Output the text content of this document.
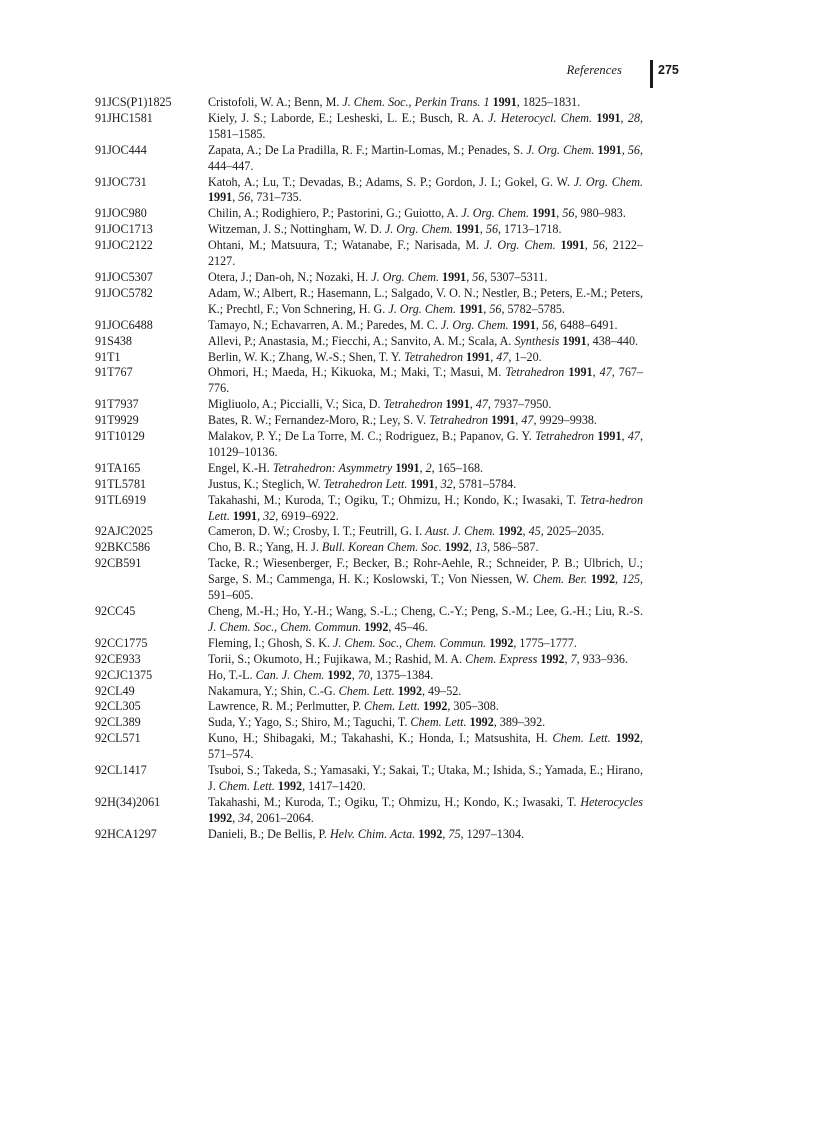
References	275
91JCS(P1)1825	Cristofoli, W. A.; Benn, M. J. Chem. Soc., Perkin Trans. 1 1991, 1825–1831.
91JHC1581	Kiely, J. S.; Laborde, E.; Lesheski, L. E.; Busch, R. A. J. Heterocycl. Chem. 1991, 28, 1581–1585.
91JOC444	Zapata, A.; De La Pradilla, R. F.; Martin-Lomas, M.; Penades, S. J. Org. Chem. 1991, 56, 444–447.
91JOC731	Katoh, A.; Lu, T.; Devadas, B.; Adams, S. P.; Gordon, J. I.; Gokel, G. W. J. Org. Chem. 1991, 56, 731–735.
91JOC980	Chilin, A.; Rodighiero, P.; Pastorini, G.; Guiotto, A. J. Org. Chem. 1991, 56, 980–983.
91JOC1713	Witzeman, J. S.; Nottingham, W. D. J. Org. Chem. 1991, 56, 1713–1718.
91JOC2122	Ohtani, M.; Matsuura, T.; Watanabe, F.; Narisada, M. J. Org. Chem. 1991, 56, 2122–2127.
91JOC5307	Otera, J.; Dan-oh, N.; Nozaki, H. J. Org. Chem. 1991, 56, 5307–5311.
91JOC5782	Adam, W.; Albert, R.; Hasemann, L.; Salgado, V. O. N.; Nestler, B.; Peters, E.-M.; Peters, K.; Prechtl, F.; Von Schnering, H. G. J. Org. Chem. 1991, 56, 5782–5785.
91JOC6488	Tamayo, N.; Echavarren, A. M.; Paredes, M. C. J. Org. Chem. 1991, 56, 6488–6491.
91S438	Allevi, P.; Anastasia, M.; Fiecchi, A.; Sanvito, A. M.; Scala, A. Synthesis 1991, 438–440.
91T1	Berlin, W. K.; Zhang, W.-S.; Shen, T. Y. Tetrahedron 1991, 47, 1–20.
91T767	Ohmori, H.; Maeda, H.; Kikuoka, M.; Maki, T.; Masui, M. Tetrahedron 1991, 47, 767–776.
91T7937	Migliuolo, A.; Piccialli, V.; Sica, D. Tetrahedron 1991, 47, 7937–7950.
91T9929	Bates, R. W.; Fernandez-Moro, R.; Ley, S. V. Tetrahedron 1991, 47, 9929–9938.
91T10129	Malakov, P. Y.; De La Torre, M. C.; Rodriguez, B.; Papanov, G. Y. Tetrahedron 1991, 47, 10129–10136.
91TA165	Engel, K.-H. Tetrahedron: Asymmetry 1991, 2, 165–168.
91TL5781	Justus, K.; Steglich, W. Tetrahedron Lett. 1991, 32, 5781–5784.
91TL6919	Takahashi, M.; Kuroda, T.; Ogiku, T.; Ohmizu, H.; Kondo, K.; Iwasaki, T. Tetra-hedron Lett. 1991, 32, 6919–6922.
92AJC2025	Cameron, D. W.; Crosby, I. T.; Feutrill, G. I. Aust. J. Chem. 1992, 45, 2025–2035.
92BKC586	Cho, B. R.; Yang, H. J. Bull. Korean Chem. Soc. 1992, 13, 586–587.
92CB591	Tacke, R.; Wiesenberger, F.; Becker, B.; Rohr-Aehle, R.; Schneider, P. B.; Ulbrich, U.; Sarge, S. M.; Cammenga, H. K.; Koslowski, T.; Von Niessen, W. Chem. Ber. 1992, 125, 591–605.
92CC45	Cheng, M.-H.; Ho, Y.-H.; Wang, S.-L.; Cheng, C.-Y.; Peng, S.-M.; Lee, G.-H.; Liu, R.-S. J. Chem. Soc., Chem. Commun. 1992, 45–46.
92CC1775	Fleming, I.; Ghosh, S. K. J. Chem. Soc., Chem. Commun. 1992, 1775–1777.
92CE933	Torii, S.; Okumoto, H.; Fujikawa, M.; Rashid, M. A. Chem. Express 1992, 7, 933–936.
92CJC1375	Ho, T.-L. Can. J. Chem. 1992, 70, 1375–1384.
92CL49	Nakamura, Y.; Shin, C.-G. Chem. Lett. 1992, 49–52.
92CL305	Lawrence, R. M.; Perlmutter, P. Chem. Lett. 1992, 305–308.
92CL389	Suda, Y.; Yago, S.; Shiro, M.; Taguchi, T. Chem. Lett. 1992, 389–392.
92CL571	Kuno, H.; Shibagaki, M.; Takahashi, K.; Honda, I.; Matsushita, H. Chem. Lett. 1992, 571–574.
92CL1417	Tsuboi, S.; Takeda, S.; Yamasaki, Y.; Sakai, T.; Utaka, M.; Ishida, S.; Yamada, E.; Hirano, J. Chem. Lett. 1992, 1417–1420.
92H(34)2061	Takahashi, M.; Kuroda, T.; Ogiku, T.; Ohmizu, H.; Kondo, K.; Iwasaki, T. Heterocycles 1992, 34, 2061–2064.
92HCA1297	Danieli, B.; De Bellis, P. Helv. Chim. Acta. 1992, 75, 1297–1304.
